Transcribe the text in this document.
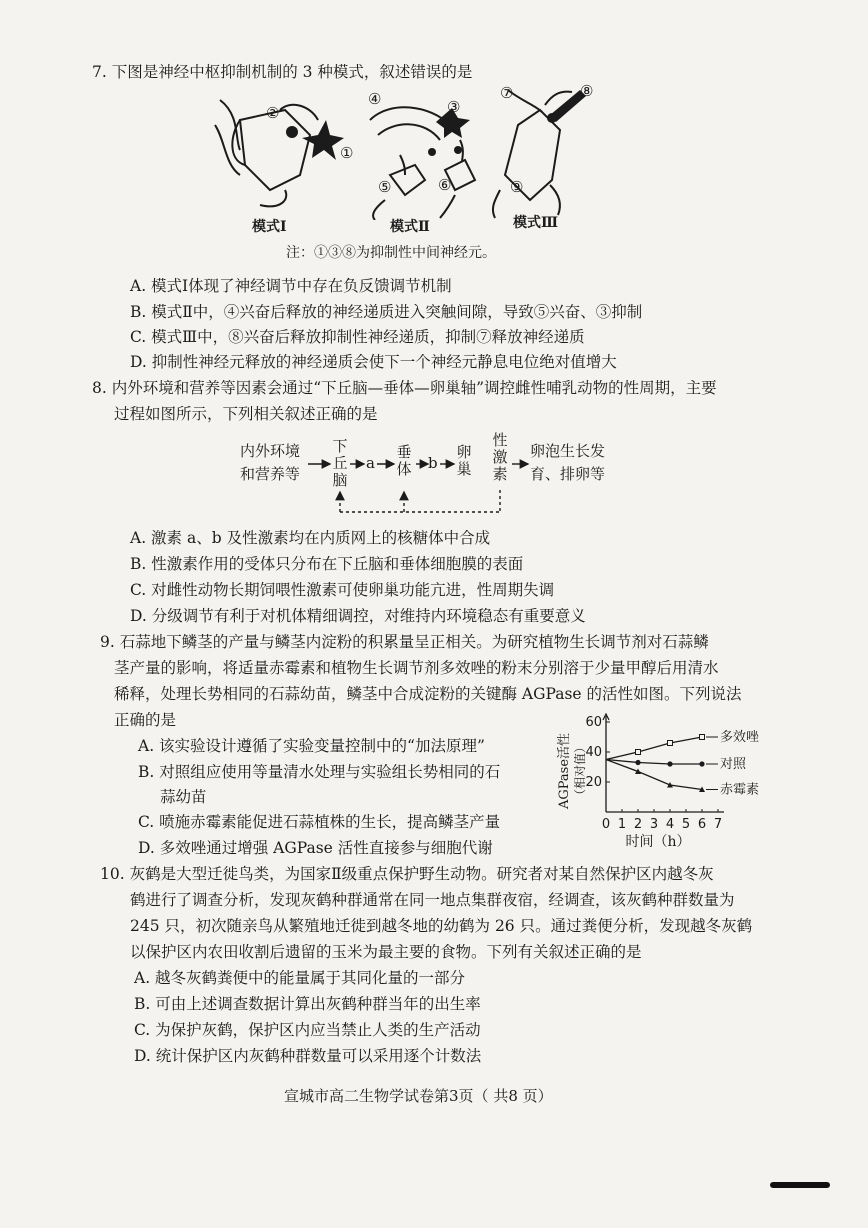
7. 下图是神经中枢抑制机制的 3 种模式，叙述错误的是
②
①
④	③
⑤	⑥
⑦	⑧
⑨
模式Ⅰ	模式Ⅱ	模式Ⅲ
注：①③⑧为抑制性中间神经元。
A. 模式Ⅰ体现了神经调节中存在负反馈调节机制
B. 模式Ⅱ中，④兴奋后释放的神经递质进入突触间隙，导致⑤兴奋、③抑制
C. 模式Ⅲ中，⑧兴奋后释放抑制性神经递质，抑制⑦释放神经递质
D. 抑制性神经元释放的神经递质会使下一个神经元静息电位绝对值增大
8. 内外环境和营养等因素会通过“下丘脑—垂体—卵巢轴”调控雌性哺乳动物的性周期，主要
过程如图所示，下列相关叙述正确的是
内外环境
和营养等
下
丘
脑
a
垂
体 b
卵
巢
性
激
素
卵泡生长发
育、排卵等
A. 激素 a、b 及性激素均在内质网上的核糖体中合成
B. 性激素作用的受体只分布在下丘脑和垂体细胞膜的表面
C. 对雌性动物长期饲喂性激素可使卵巢功能亢进，性周期失调
D. 分级调节有利于对机体精细调控，对维持内环境稳态有重要意义
9. 石蒜地下鳞茎的产量与鳞茎内淀粉的积累量呈正相关。为研究植物生长调节剂对石蒜鳞
茎产量的影响，将适量赤霉素和植物生长调节剂多效唑的粉末分别溶于少量甲醇后用清水
稀释，处理长势相同的石蒜幼苗，鳞茎中合成淀粉的关键酶 AGPase 的活性如图。下列说法
正确的是
A. 该实验设计遵循了实验变量控制中的“加法原理”
B. 对照组应使用等量清水处理与实验组长势相同的石
蒜幼苗
C. 喷施赤霉素能促进石蒜植株的生长，提高鳞茎产量
D. 多效唑通过增强 AGPase 活性直接参与细胞代谢
20
40
60
0 1 2 3 4 5 6 7
时间（h）
AGPase活性 （相对值）
多效唑
对照
赤霉素
10. 灰鹤是大型迁徙鸟类，为国家Ⅱ级重点保护野生动物。研究者对某自然保护区内越冬灰
鹤进行了调查分析，发现灰鹤种群通常在同一地点集群夜宿，经调查，该灰鹤种群数量为
245 只，初次随亲鸟从繁殖地迁徙到越冬地的幼鹤为 26 只。通过粪便分析，发现越冬灰鹤
以保护区内农田收割后遗留的玉米为最主要的食物。下列有关叙述正确的是
A. 越冬灰鹤粪便中的能量属于其同化量的一部分
B. 可由上述调查数据计算出灰鹤种群当年的出生率
C. 为保护灰鹤，保护区内应当禁止人类的生产活动
D. 统计保护区内灰鹤种群数量可以采用逐个计数法
宣城市高二生物学试卷第3页（ 共8 页）
